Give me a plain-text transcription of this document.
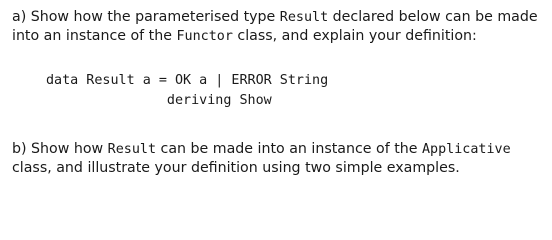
a) Show how the parameterised type Result declared below can be made into an instance of the Functor class, and explain your definition:

data Result a = OK a | ERROR String
deriving Show

b) Show how Result can be made into an instance of the Applicative class, and illustrate your definition using two simple examples.
